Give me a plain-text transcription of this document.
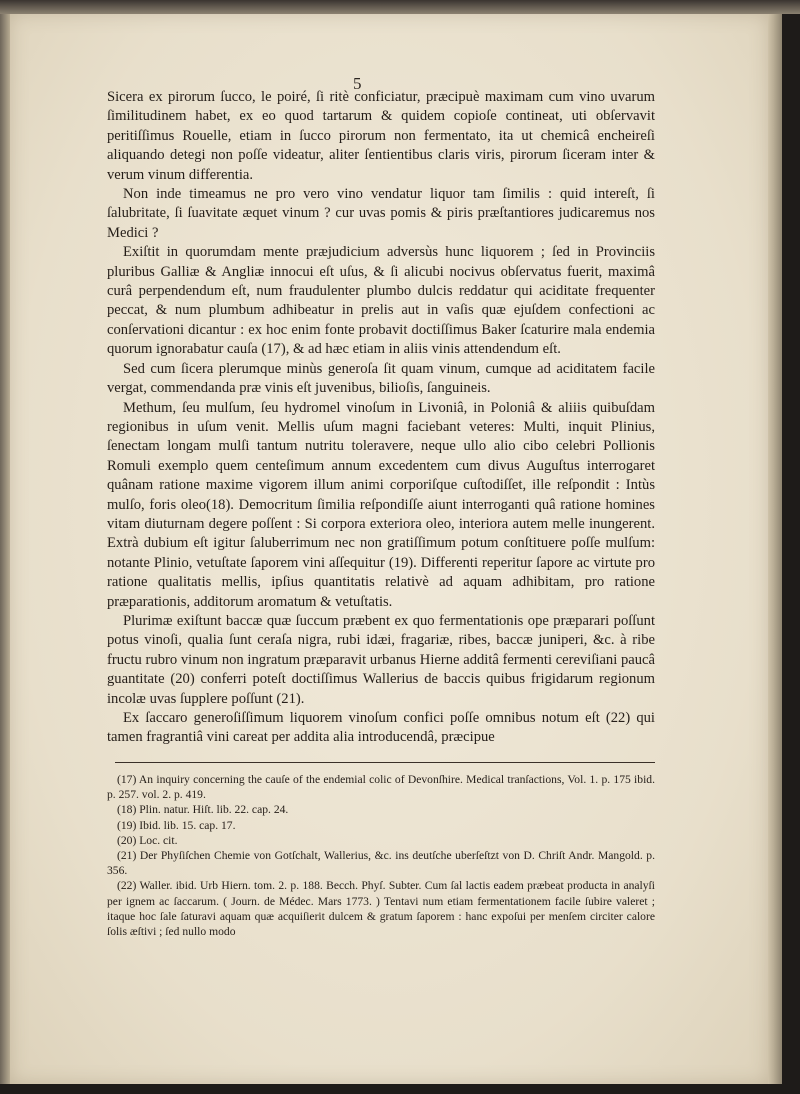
5

Sicera ex pirorum ſucco, le poiré, ſi ritè conficiatur, præcipuè maximam cum vino uvarum ſimilitudinem habet, ex eo quod tartarum & quidem copioſe contineat, uti obſervavit peritiſſimus Rouelle, etiam in ſucco pirorum non fermentato, ita ut chemicâ encheireſi aliquando detegi non poſſe videatur, aliter ſentientibus claris viris, pirorum ſiceram inter & verum vinum differentia.

Non inde timeamus ne pro vero vino vendatur liquor tam ſimilis : quid intereſt, ſi ſalubritate, ſi ſuavitate æquet vinum ? cur uvas pomis & piris præſtantiores judicaremus nos Medici ?

Exiſtit in quorumdam mente præjudicium adversùs hunc liquorem ; ſed in Provinciis pluribus Galliæ & Angliæ innocui eſt uſus, & ſi alicubi nocivus obſervatus fuerit, maximâ curâ perpendendum eſt, num fraudulenter plumbo dulcis reddatur qui aciditate frequenter peccat, & num plumbum adhibeatur in prelis aut in vaſis quæ ejuſdem confectioni ac conſervationi dicantur : ex hoc enim fonte probavit doctiſſimus Baker ſcaturire mala endemia quorum ignorabatur cauſa (17), & ad hæc etiam in aliis vinis attendendum eſt.

Sed cum ſicera plerumque minùs generoſa ſit quam vinum, cumque ad aciditatem facile vergat, commendanda præ vinis eſt juvenibus, bilioſis, ſanguineis.

Methum, ſeu mulſum, ſeu hydromel vinoſum in Livoniâ, in Poloniâ & aliiis quibuſdam regionibus in uſum venit. Mellis uſum magni faciebant veteres: Multi, inquit Plinius, ſenectam longam mulſi tantum nutritu toleravere, neque ullo alio cibo celebri Pollionis Romuli exemplo quem centeſimum annum excedentem cum divus Auguſtus interrogaret quânam ratione maxime vigorem illum animi corporiſque cuſtodiſſet, ille reſpondit : Intùs mulſo, foris oleo(18). Democritum ſimilia reſpondiſſe aiunt interroganti quâ ratione homines vitam diuturnam degere poſſent : Si corpora exteriora oleo, interiora autem melle inungerent. Extrà dubium eſt igitur ſaluberrimum nec non gratiſſimum potum conſtituere poſſe mulſum: notante Plinio, vetuſtate ſaporem vini aſſequitur (19). Differenti reperitur ſapore ac virtute pro ratione qualitatis mellis, ipſius quantitatis relativè ad aquam adhibitam, pro ratione præparationis, additorum aromatum & vetuſtatis.

Plurimæ exiſtunt baccæ quæ ſuccum præbent ex quo fermentationis ope præparari poſſunt potus vinoſi, qualia ſunt ceraſa nigra, rubi idæi, fragariæ, ribes, baccæ juniperi, &c. à ribe fructu rubro vinum non ingratum præparavit urbanus Hierne additâ fermenti cereviſiani paucâ guantitate (20) conferri poteſt doctiſſimus Wallerius de baccis quibus frigidarum regionum incolæ uvas ſupplere poſſunt (21).

Ex ſaccaro generoſiſſimum liquorem vinoſum confici poſſe omnibus notum eſt (22) qui tamen fragrantiâ vini careat per addita alia introducendâ, præcipue

(17) An inquiry concerning the cauſe of the endemial colic of Devonſhire. Medical tranſactions, Vol. 1. p. 175 ibid. p. 257. vol. 2. p. 419.

(18) Plin. natur. Hiſt. lib. 22. cap. 24.

(19) Ibid. lib. 15. cap. 17.

(20) Loc. cit.

(21) Der Phyſiſchen Chemie von Gotſchalt, Wallerius, &c. ins deutſche uberſeſtzt von D. Chriſt Andr. Mangold. p. 356.

(22) Waller. ibid. Urb Hiern. tom. 2. p. 188. Becch. Phyſ. Subter. Cum ſal lactis eadem præbeat producta in analyſi per ignem ac ſaccarum. ( Journ. de Médec. Mars 1773. ) Tentavi num etiam fermentationem facile ſubire valeret ; itaque hoc ſale ſaturavi aquam quæ acquiſierit dulcem & gratum ſaporem : hanc expoſui per menſem circiter calore ſolis æſtivi ; ſed nullo modo
